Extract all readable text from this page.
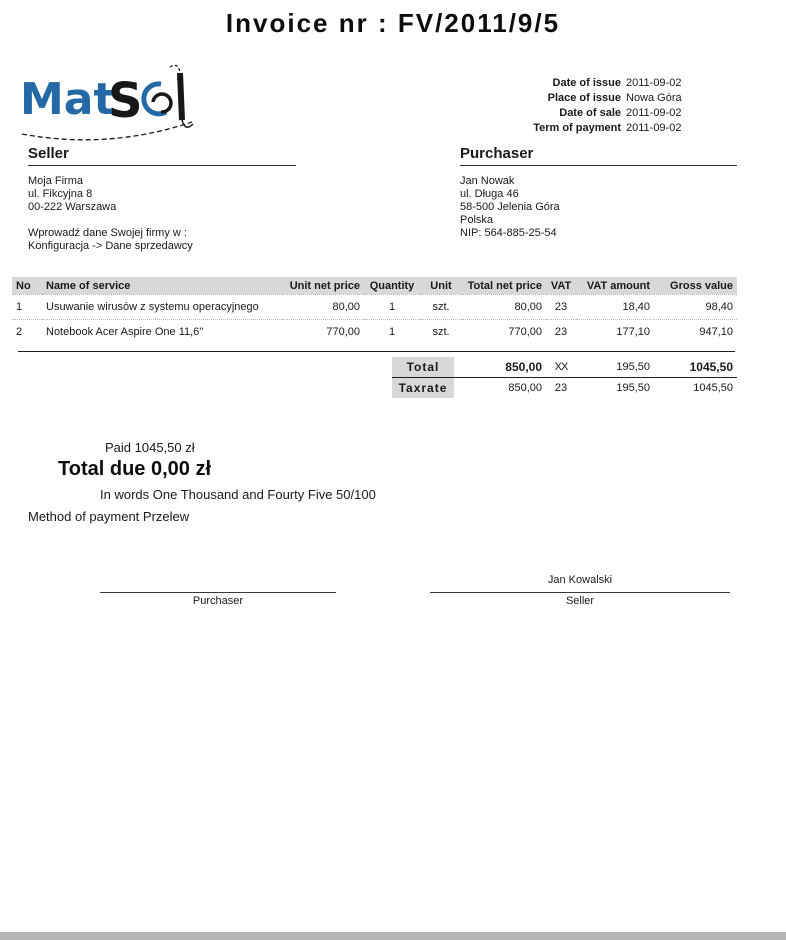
Invoice nr : FV/2011/9/5
Mat
S	Date of issue 2011-09-02
Place of issue Nowa Góra
Date of sale 2011-09-02
Term of payment 2011-09-02
Seller
Moja Firma
ul. Fikcyjna 8
00-222 Warszawa
Wprowadź dane Swojej firmy w :
Konfiguracja -> Dane sprzedawcy
Purchaser
Jan Nowak
ul. Długa 46
58-500 Jelenia Góra
Polska
NIP: 564-885-25-54
No	Name of service	Unit net price	Quantity	Unit	Total net price	VAT	VAT amount	Gross value
1	Usuwanie wirusów z systemu operacyjnego	80,00	1	szt.	80,00	23	18,40	98,40
2	Notebook Acer Aspire One 11,6''	770,00	1	szt.	770,00	23	177,10	947,10
Total	850,00	XX	195,50	1045,50
Taxrate	850,00	23	195,50	1045,50
Paid 1045,50 zł
Total due 0,00 zł
In words One Thousand and Fourty Five 50/100
Method of payment Przelew
Purchaser
Jan Kowalski
Seller
